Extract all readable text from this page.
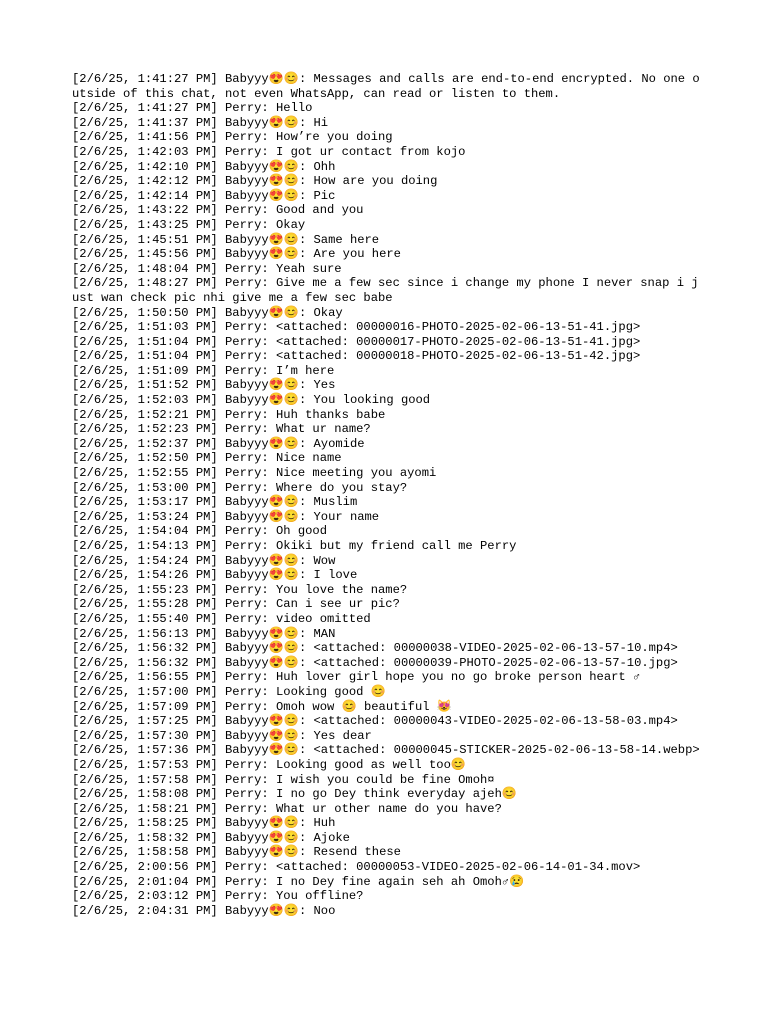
[2/6/25, 1:41:27 PM] Babyyy😍😊: Messages and calls are end-to-end encrypted. No one outside of this chat, not even WhatsApp, can read or listen to them.
[2/6/25, 1:41:27 PM] Perry: Hello
[2/6/25, 1:41:37 PM] Babyyy😍😊: Hi
[2/6/25, 1:41:56 PM] Perry: How’re you doing
[2/6/25, 1:42:03 PM] Perry: I got ur contact from kojo
[2/6/25, 1:42:10 PM] Babyyy😍😊: Ohh
[2/6/25, 1:42:12 PM] Babyyy😍😊: How are you doing
[2/6/25, 1:42:14 PM] Babyyy😍😊: Pic
[2/6/25, 1:43:22 PM] Perry: Good and you
[2/6/25, 1:43:25 PM] Perry: Okay
[2/6/25, 1:45:51 PM] Babyyy😍😊: Same here
[2/6/25, 1:45:56 PM] Babyyy😍😊: Are you here
[2/6/25, 1:48:04 PM] Perry: Yeah sure
[2/6/25, 1:48:27 PM] Perry: Give me a few sec since i change my phone I never snap i just wan check pic nhi give me a few sec babe
[2/6/25, 1:50:50 PM] Babyyy😍😊: Okay
[2/6/25, 1:51:03 PM] Perry: <attached: 00000016-PHOTO-2025-02-06-13-51-41.jpg>
[2/6/25, 1:51:04 PM] Perry: <attached: 00000017-PHOTO-2025-02-06-13-51-41.jpg>
[2/6/25, 1:51:04 PM] Perry: <attached: 00000018-PHOTO-2025-02-06-13-51-42.jpg>
[2/6/25, 1:51:09 PM] Perry: I’m here
[2/6/25, 1:51:52 PM] Babyyy😍😊: Yes
[2/6/25, 1:52:03 PM] Babyyy😍😊: You looking good
[2/6/25, 1:52:21 PM] Perry: Huh thanks babe
[2/6/25, 1:52:23 PM] Perry: What ur name?
[2/6/25, 1:52:37 PM] Babyyy😍😊: Ayomide
[2/6/25, 1:52:50 PM] Perry: Nice name
[2/6/25, 1:52:55 PM] Perry: Nice meeting you ayomi
[2/6/25, 1:53:00 PM] Perry: Where do you stay?
[2/6/25, 1:53:17 PM] Babyyy😍😊: Muslim
[2/6/25, 1:53:24 PM] Babyyy😍😊: Your name
[2/6/25, 1:54:04 PM] Perry: Oh good
[2/6/25, 1:54:13 PM] Perry: Okiki but my friend call me Perry
[2/6/25, 1:54:24 PM] Babyyy😍😊: Wow
[2/6/25, 1:54:26 PM] Babyyy😍😊: I love
[2/6/25, 1:55:23 PM] Perry: You love the name?
[2/6/25, 1:55:28 PM] Perry: Can i see ur pic?
[2/6/25, 1:55:40 PM] Perry: video omitted
[2/6/25, 1:56:13 PM] Babyyy😍😊: MAN
[2/6/25, 1:56:32 PM] Babyyy😍😊: <attached: 00000038-VIDEO-2025-02-06-13-57-10.mp4>
[2/6/25, 1:56:32 PM] Babyyy😍😊: <attached: 00000039-PHOTO-2025-02-06-13-57-10.jpg>
[2/6/25, 1:56:55 PM] Perry: Huh lover girl hope you no go broke person heart ♂
[2/6/25, 1:57:00 PM] Perry: Looking good 😊
[2/6/25, 1:57:09 PM] Perry: Omoh wow 😊 beautiful 😻
[2/6/25, 1:57:25 PM] Babyyy😍😊: <attached: 00000043-VIDEO-2025-02-06-13-58-03.mp4>
[2/6/25, 1:57:30 PM] Babyyy😍😊: Yes dear
[2/6/25, 1:57:36 PM] Babyyy😍😊: <attached: 00000045-STICKER-2025-02-06-13-58-14.webp>
[2/6/25, 1:57:53 PM] Perry: Looking good as well too😊
[2/6/25, 1:57:58 PM] Perry: I wish you could be fine Omoh¤
[2/6/25, 1:58:08 PM] Perry: I no go Dey think everyday ajeh😊
[2/6/25, 1:58:21 PM] Perry: What ur other name do you have?
[2/6/25, 1:58:25 PM] Babyyy😍😊: Huh
[2/6/25, 1:58:32 PM] Babyyy😍😊: Ajoke
[2/6/25, 1:58:58 PM] Babyyy😍😊: Resend these
[2/6/25, 2:00:56 PM] Perry: <attached: 00000053-VIDEO-2025-02-06-14-01-34.mov>
[2/6/25, 2:01:04 PM] Perry: I no Dey fine again seh ah Omoh♂😢
[2/6/25, 2:03:12 PM] Perry: You offline?
[2/6/25, 2:04:31 PM] Babyyy😍😊: Noo
